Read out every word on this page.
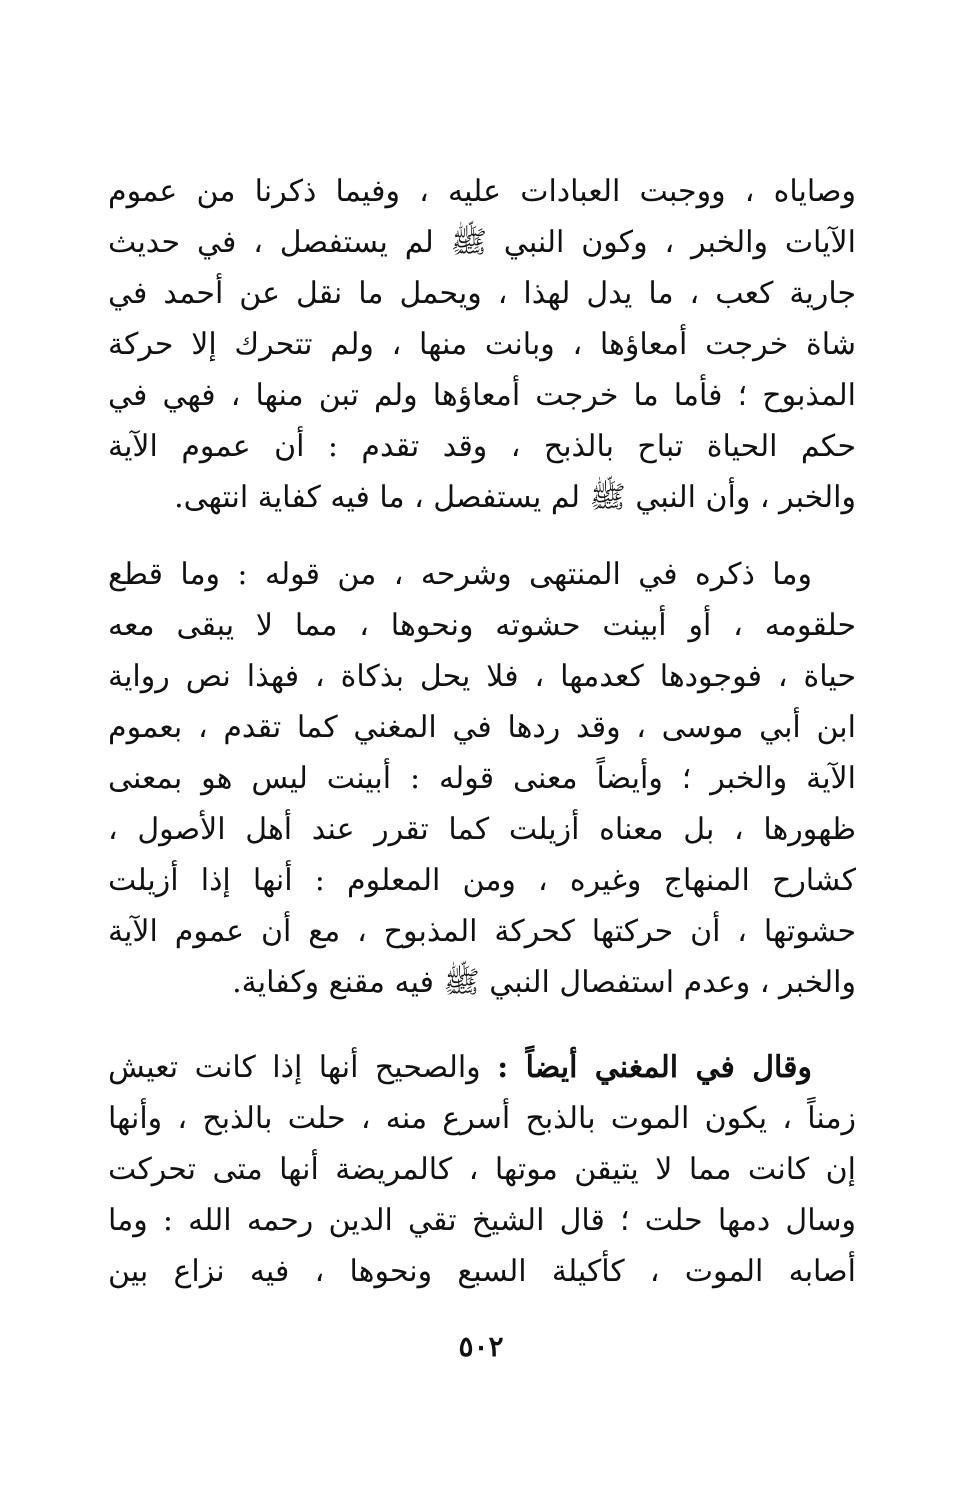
وصاياه ، ووجبت العبادات عليه ، وفيما ذكرنا من عموم
الآيات والخبر ، وكون النبي ﷺ لم يستفصل ، في حديث
جارية كعب ، ما يدل لهذا ، ويحمل ما نقل عن أحمد في
شاة خرجت أمعاؤها ، وبانت منها ، ولم تتحرك إلا حركة
المذبوح ؛ فأما ما خرجت أمعاؤها ولم تبن منها ، فهي في
حكم الحياة تباح بالذبح ، وقد تقدم : أن عموم الآية
والخبر ، وأن النبي ﷺ لم يستفصل ، ما فيه كفاية انتهى.
وما ذكره في المنتهى وشرحه ، من قوله : وما قطع
حلقومه ، أو أبينت حشوته ونحوها ، مما لا يبقى معه
حياة ، فوجودها كعدمها ، فلا يحل بذكاة ، فهذا نص رواية
ابن أبي موسى ، وقد ردها في المغني كما تقدم ، بعموم
الآية والخبر ؛ وأيضاً معنى قوله : أبينت ليس هو بمعنى
ظهورها ، بل معناه أزيلت كما تقرر عند أهل الأصول ،
كشارح المنهاج وغيره ، ومن المعلوم : أنها إذا أزيلت
حشوتها ، أن حركتها كحركة المذبوح ، مع أن عموم الآية
والخبر ، وعدم استفصال النبي ﷺ فيه مقنع وكفاية.
وقال في المغني أيضاً : والصحيح أنها إذا كانت تعيش
زمناً ، يكون الموت بالذبح أسرع منه ، حلت بالذبح ، وأنها
إن كانت مما لا يتيقن موتها ، كالمريضة أنها متى تحركت
وسال دمها حلت ؛ قال الشيخ تقي الدين رحمه الله : وما
أصابه الموت ، كأكيلة السبع ونحوها ، فيه نزاع بين
٥٠٢
